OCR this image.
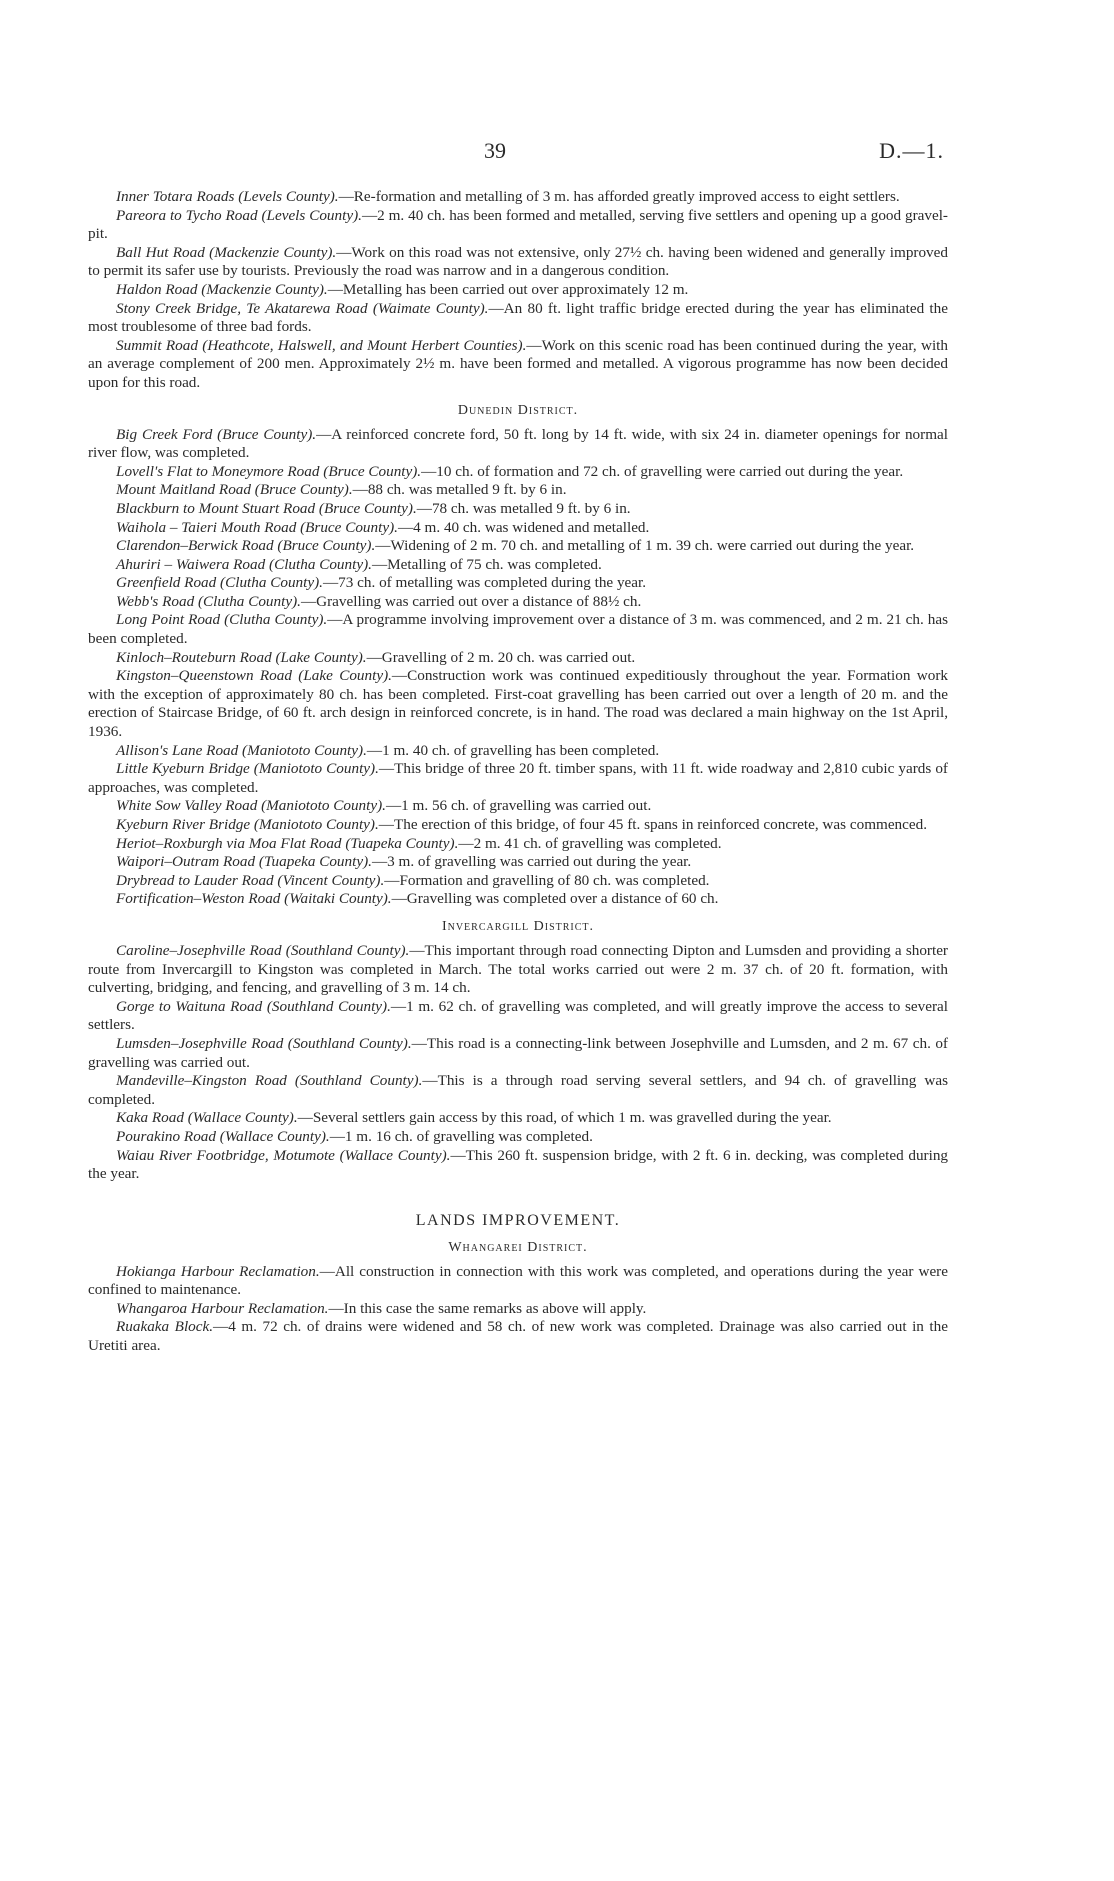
39	D.—1.

Inner Totara Roads (Levels County).—Re-formation and metalling of 3 m. has afforded greatly improved access to eight settlers.

Pareora to Tycho Road (Levels County).—2 m. 40 ch. has been formed and metalled, serving five settlers and opening up a good gravel-pit.

Ball Hut Road (Mackenzie County).—Work on this road was not extensive, only 27½ ch. having been widened and generally improved to permit its safer use by tourists. Previously the road was narrow and in a dangerous condition.

Haldon Road (Mackenzie County).—Metalling has been carried out over approximately 12 m.

Stony Creek Bridge, Te Akatarewa Road (Waimate County).—An 80 ft. light traffic bridge erected during the year has eliminated the most troublesome of three bad fords.

Summit Road (Heathcote, Halswell, and Mount Herbert Counties).—Work on this scenic road has been continued during the year, with an average complement of 200 men. Approximately 2½ m. have been formed and metalled. A vigorous programme has now been decided upon for this road.

Dunedin District.

Big Creek Ford (Bruce County).—A reinforced concrete ford, 50 ft. long by 14 ft. wide, with six 24 in. diameter openings for normal river flow, was completed.

Lovell's Flat to Moneymore Road (Bruce County).—10 ch. of formation and 72 ch. of gravelling were carried out during the year.

Mount Maitland Road (Bruce County).—88 ch. was metalled 9 ft. by 6 in.

Blackburn to Mount Stuart Road (Bruce County).—78 ch. was metalled 9 ft. by 6 in.

Waihola – Taieri Mouth Road (Bruce County).—4 m. 40 ch. was widened and metalled.

Clarendon–Berwick Road (Bruce County).—Widening of 2 m. 70 ch. and metalling of 1 m. 39 ch. were carried out during the year.

Ahuriri – Waiwera Road (Clutha County).—Metalling of 75 ch. was completed.

Greenfield Road (Clutha County).—73 ch. of metalling was completed during the year.

Webb's Road (Clutha County).—Gravelling was carried out over a distance of 88½ ch.

Long Point Road (Clutha County).—A programme involving improvement over a distance of 3 m. was commenced, and 2 m. 21 ch. has been completed.

Kinloch–Routeburn Road (Lake County).—Gravelling of 2 m. 20 ch. was carried out.

Kingston–Queenstown Road (Lake County).—Construction work was continued expeditiously throughout the year. Formation work with the exception of approximately 80 ch. has been completed. First-coat gravelling has been carried out over a length of 20 m. and the erection of Staircase Bridge, of 60 ft. arch design in reinforced concrete, is in hand. The road was declared a main highway on the 1st April, 1936.

Allison's Lane Road (Maniototo County).—1 m. 40 ch. of gravelling has been completed.

Little Kyeburn Bridge (Maniototo County).—This bridge of three 20 ft. timber spans, with 11 ft. wide roadway and 2,810 cubic yards of approaches, was completed.

White Sow Valley Road (Maniototo County).—1 m. 56 ch. of gravelling was carried out.

Kyeburn River Bridge (Maniototo County).—The erection of this bridge, of four 45 ft. spans in reinforced concrete, was commenced.

Heriot–Roxburgh via Moa Flat Road (Tuapeka County).—2 m. 41 ch. of gravelling was completed.

Waipori–Outram Road (Tuapeka County).—3 m. of gravelling was carried out during the year.

Drybread to Lauder Road (Vincent County).—Formation and gravelling of 80 ch. was completed.

Fortification–Weston Road (Waitaki County).—Gravelling was completed over a distance of 60 ch.

Invercargill District.

Caroline–Josephville Road (Southland County).—This important through road connecting Dipton and Lumsden and providing a shorter route from Invercargill to Kingston was completed in March. The total works carried out were 2 m. 37 ch. of 20 ft. formation, with culverting, bridging, and fencing, and gravelling of 3 m. 14 ch.

Gorge to Waituna Road (Southland County).—1 m. 62 ch. of gravelling was completed, and will greatly improve the access to several settlers.

Lumsden–Josephville Road (Southland County).—This road is a connecting-link between Josephville and Lumsden, and 2 m. 67 ch. of gravelling was carried out.

Mandeville–Kingston Road (Southland County).—This is a through road serving several settlers, and 94 ch. of gravelling was completed.

Kaka Road (Wallace County).—Several settlers gain access by this road, of which 1 m. was gravelled during the year.

Pourakino Road (Wallace County).—1 m. 16 ch. of gravelling was completed.

Waiau River Footbridge, Motumote (Wallace County).—This 260 ft. suspension bridge, with 2 ft. 6 in. decking, was completed during the year.

LANDS IMPROVEMENT.
Whangarei District.

Hokianga Harbour Reclamation.—All construction in connection with this work was completed, and operations during the year were confined to maintenance.

Whangaroa Harbour Reclamation.—In this case the same remarks as above will apply.

Ruakaka Block.—4 m. 72 ch. of drains were widened and 58 ch. of new work was completed. Drainage was also carried out in the Uretiti area.
